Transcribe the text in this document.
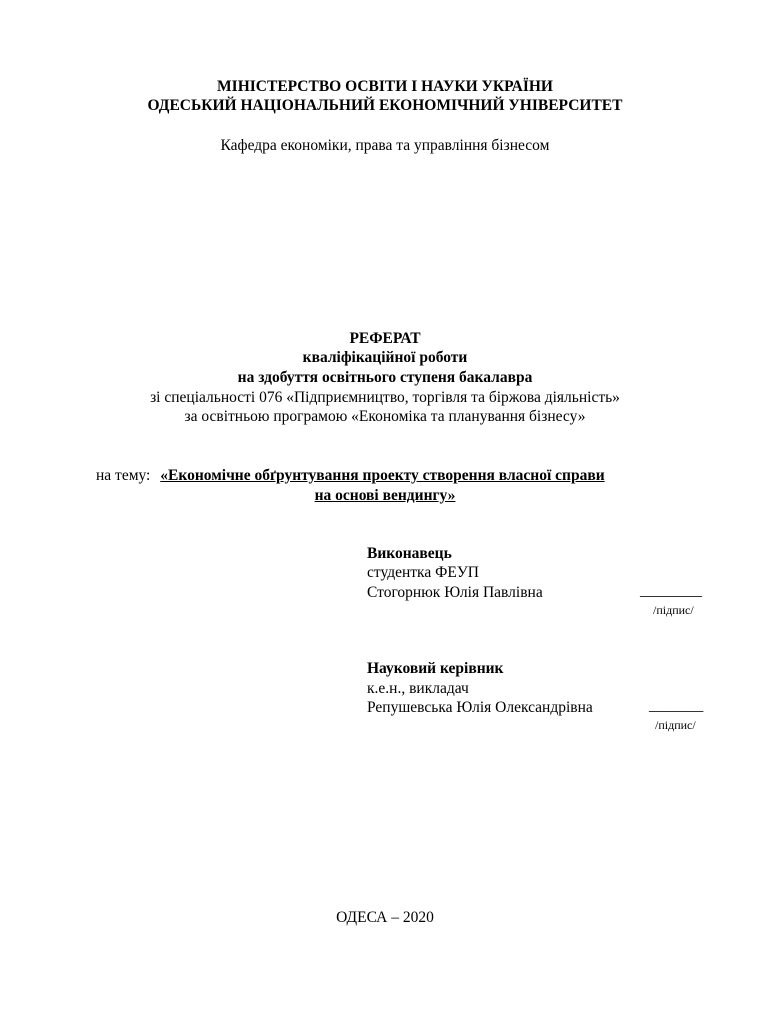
МІНІСТЕРСТВО ОСВІТИ І НАУКИ УКРАЇНИ
ОДЕСЬКИЙ НАЦІОНАЛЬНИЙ ЕКОНОМІЧНИЙ УНІВЕРСИТЕТ
Кафедра економіки, права та управління бізнесом
РЕФЕРАТ
кваліфікаційної роботи
на здобуття освітнього ступеня бакалавра
зі спеціальності 076 «Підприємництво, торгівля та біржова діяльність»
за освітньою програмою «Економіка та планування бізнесу»
на тему: «Економічне обґрунтування проекту створення власної справи
на основі вендингу»
Виконавець
студентка ФЕУП
Стогорнюк Юлія Павлівна	________
/підпис/
Науковий керівник
к.е.н., викладач
Репушевська Юлія Олександрівна	_______
/підпис/
ОДЕСА – 2020
